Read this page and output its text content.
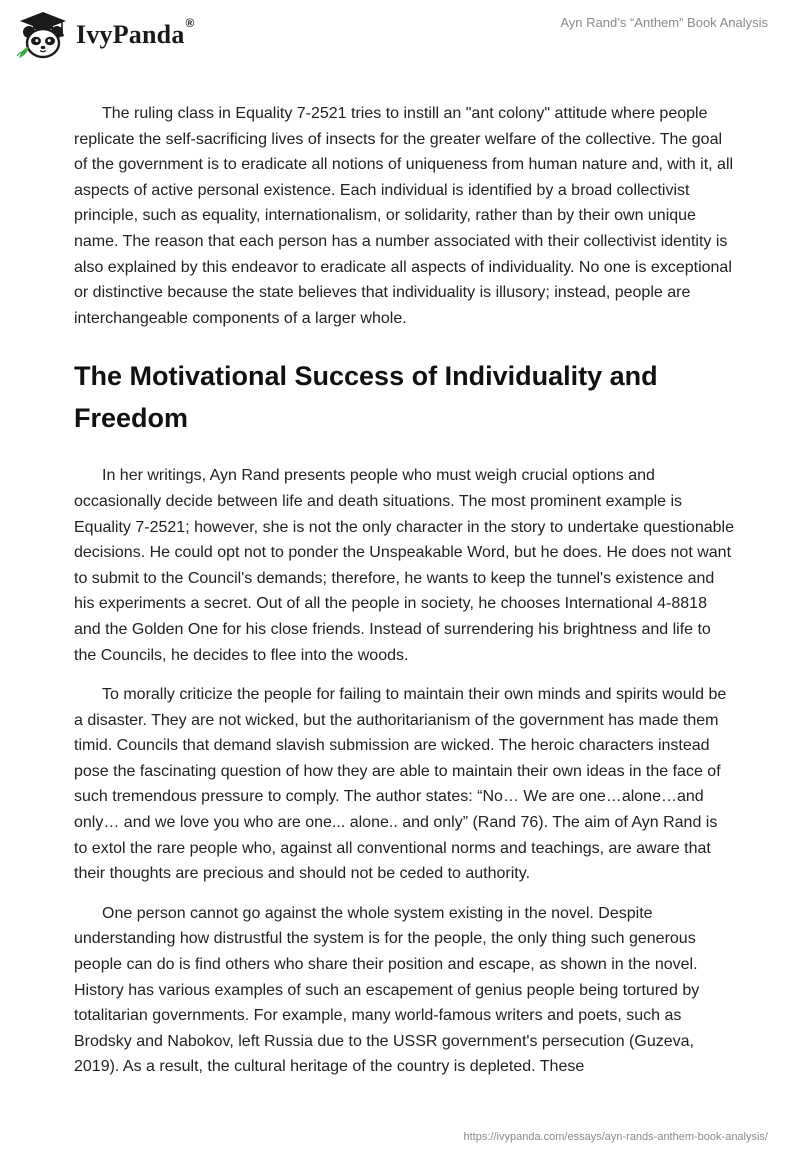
IvyPanda®	Ayn Rand’s “Anthem” Book Analysis

The ruling class in Equality 7-2521 tries to instill an "ant colony" attitude where people replicate the self-sacrificing lives of insects for the greater welfare of the collective. The goal of the government is to eradicate all notions of uniqueness from human nature and, with it, all aspects of active personal existence. Each individual is identified by a broad collectivist principle, such as equality, internationalism, or solidarity, rather than by their own unique name. The reason that each person has a number associated with their collectivist identity is also explained by this endeavor to eradicate all aspects of individuality. No one is exceptional or distinctive because the state believes that individuality is illusory; instead, people are interchangeable components of a larger whole.

The Motivational Success of Individuality and Freedom

In her writings, Ayn Rand presents people who must weigh crucial options and occasionally decide between life and death situations. The most prominent example is Equality 7-2521; however, she is not the only character in the story to undertake questionable decisions. He could opt not to ponder the Unspeakable Word, but he does. He does not want to submit to the Council's demands; therefore, he wants to keep the tunnel's existence and his experiments a secret. Out of all the people in society, he chooses International 4-8818 and the Golden One for his close friends. Instead of surrendering his brightness and life to the Councils, he decides to flee into the woods.

To morally criticize the people for failing to maintain their own minds and spirits would be a disaster. They are not wicked, but the authoritarianism of the government has made them timid. Councils that demand slavish submission are wicked. The heroic characters instead pose the fascinating question of how they are able to maintain their own ideas in the face of such tremendous pressure to comply. The author states: “No… We are one…alone…and only… and we love you who are one... alone.. and only” (Rand 76). The aim of Ayn Rand is to extol the rare people who, against all conventional norms and teachings, are aware that their thoughts are precious and should not be ceded to authority.

One person cannot go against the whole system existing in the novel. Despite understanding how distrustful the system is for the people, the only thing such generous people can do is find others who share their position and escape, as shown in the novel. History has various examples of such an escapement of genius people being tortured by totalitarian governments. For example, many world-famous writers and poets, such as Brodsky and Nabokov, left Russia due to the USSR government's persecution (Guzeva, 2019). As a result, the cultural heritage of the country is depleted. These

https://ivypanda.com/essays/ayn-rands-anthem-book-analysis/
